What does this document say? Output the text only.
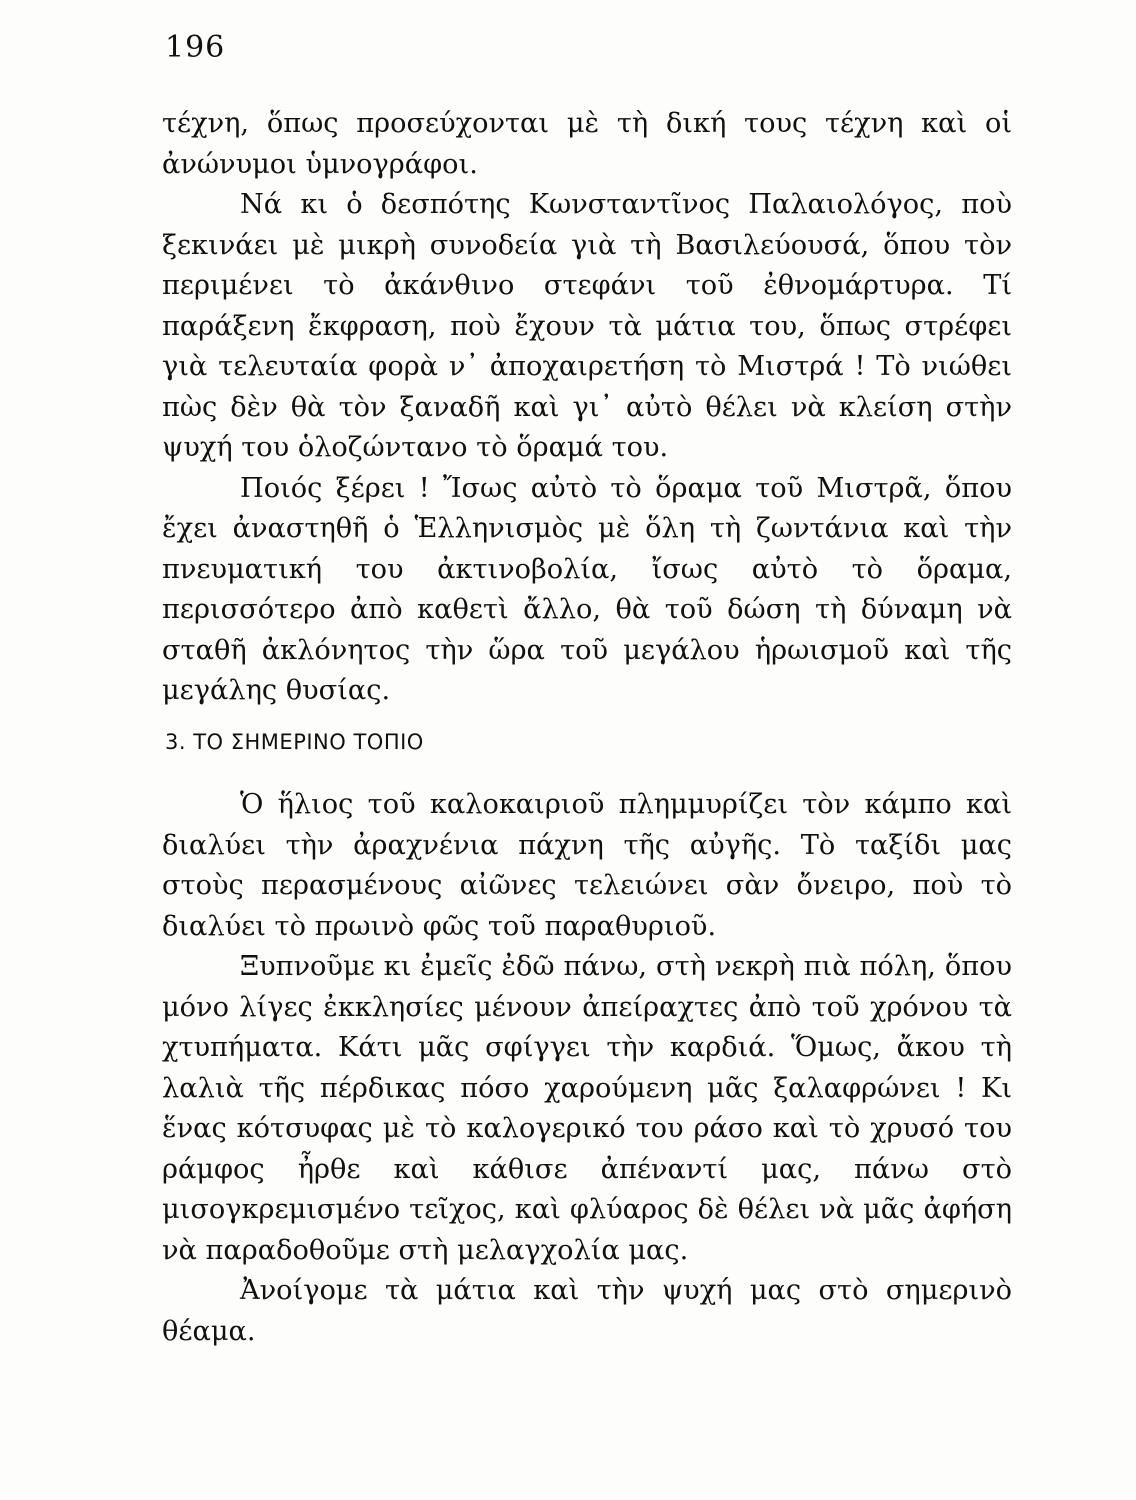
196

τέχνη, ὅπως προσεύχονται μὲ τὴ δική τους τέχνη καὶ οἱ ἀνώνυμοι ὑμνογράφοι.

Νά κι ὁ δεσπότης Κωνσταντῖνος Παλαιολόγος, ποὺ ξεκινάει μὲ μικρὴ συνοδεία γιὰ τὴ Βασιλεύουσά, ὅπου τὸν περιμένει τὸ ἀκάνθινο στεφάνι τοῦ ἐθνομάρτυρα. Τί παράξενη ἔκφραση, ποὺ ἔχουν τὰ μάτια του, ὅπως στρέφει γιὰ τελευταία φορὰ ν᾿ ἀποχαιρετήση τὸ Μιστρά ! Τὸ νιώθει πὼς δὲν θὰ τὸν ξαναδῆ καὶ γι᾿ αὐτὸ θέλει νὰ κλείση στὴν ψυχή του ὁλοζώντανο τὸ ὅραμά του.

Ποιός ξέρει ! Ἴσως αὐτὸ τὸ ὅραμα τοῦ Μιστρᾶ, ὅπου ἔχει ἀναστηθῆ ὁ Ἑλληνισμὸς μὲ ὅλη τὴ ζωντάνια καὶ τὴν πνευματική του ἀκτινοβολία, ἴσως αὐτὸ τὸ ὅραμα, περισσότερο ἀπὸ καθετὶ ἄλλο, θὰ τοῦ δώση τὴ δύναμη νὰ σταθῆ ἀκλόνητος τὴν ὥρα τοῦ μεγάλου ἡρωισμοῦ καὶ τῆς μεγάλης θυσίας.

3. ΤΟ ΣΗΜΕΡΙΝΟ ΤΟΠΙΟ

Ὁ ἥλιος τοῦ καλοκαιριοῦ πλημμυρίζει τὸν κάμπο καὶ διαλύει τὴν ἀραχνένια πάχνη τῆς αὐγῆς. Τὸ ταξίδι μας στοὺς περασμένους αἰῶνες τελειώνει σὰν ὄνειρο, ποὺ τὸ διαλύει τὸ πρωινὸ φῶς τοῦ παραθυριοῦ.

Ξυπνοῦμε κι ἐμεῖς ἐδῶ πάνω, στὴ νεκρὴ πιὰ πόλη, ὅπου μόνο λίγες ἐκκλησίες μένουν ἀπείραχτες ἀπὸ τοῦ χρόνου τὰ χτυπήματα. Κάτι μᾶς σφίγγει τὴν καρδιά. Ὅμως, ἄκου τὴ λαλιὰ τῆς πέρδικας πόσο χαρούμενη μᾶς ξαλαφρώνει ! Κι ἕνας κότσυφας μὲ τὸ καλογερικό του ράσο καὶ τὸ χρυσό του ράμφος ἦρθε καὶ κάθισε ἀπέναντί μας, πάνω στὸ μισογκρεμισμένο τεῖχος, καὶ φλύαρος δὲ θέλει νὰ μᾶς ἀφήση νὰ παραδοθοῦμε στὴ μελαγχολία μας.

Ἀνοίγομε τὰ μάτια καὶ τὴν ψυχή μας στὸ σημερινὸ θέαμα.
